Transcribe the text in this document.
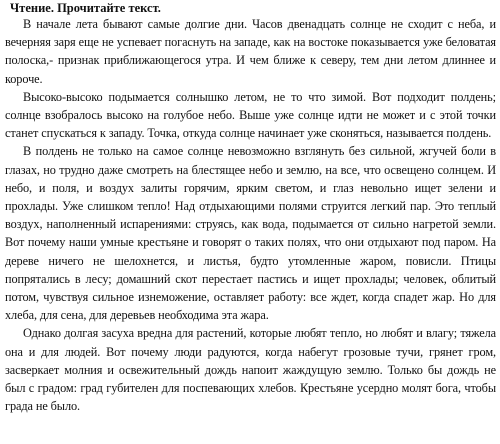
Чтение. Прочитайте текст.

В начале лета бывают самые долгие дни. Часов двенадцать солнце не сходит с неба, и вечерняя заря еще не успевает погаснуть на западе, как на востоке показывается уже беловатая полоска,- признак приближающегося утра. И чем ближе к северу, тем дни летом длиннее и короче.

Высоко-высоко подымается солнышко летом, не то что зимой. Вот подходит полдень; солнце взобралось высоко на голубое небо. Выше уже солнце идти не может и с этой точки станет спускаться к западу. Точка, откуда солнце начинает уже сконяться, называется полдень.

В полдень не только на самое солнце невозможно взглянуть без сильной, жгучей боли в глазах, но трудно даже смотреть на блестящее небо и землю, на все, что освещено солнцем. И небо, и поля, и воздух залиты горячим, ярким светом, и глаз невольно ищет зелени и прохлады. Уже слишком тепло! Над отдыхающими полями струится легкий пар. Это теплый воздух, наполненный испарениями: струясь, как вода, подымается от сильно нагретой земли. Вот почему наши умные крестьяне и говорят о таких полях, что они отдыхают под паром. На дереве ничего не шелохнется, и листья, будто утомленные жаром, повисли. Птицы попрятались в лесу; домашний скот перестает пастись и ищет прохлады; человек, облитый потом, чувствуя сильное изнеможение, оставляет работу: все ждет, когда спадет жар. Но для хлеба, для сена, для деревьев необходима эта жара.

Однако долгая засуха вредна для растений, которые любят тепло, но любят и влагу; тяжела она и для людей. Вот почему люди радуются, когда набегут грозовые тучи, грянет гром, засверкает молния и освежительный дождь напоит жаждущую землю. Только бы дождь не был с градом: град губителен для поспевающих хлебов. Крестьяне усердно молят бога, чтобы града не было.
